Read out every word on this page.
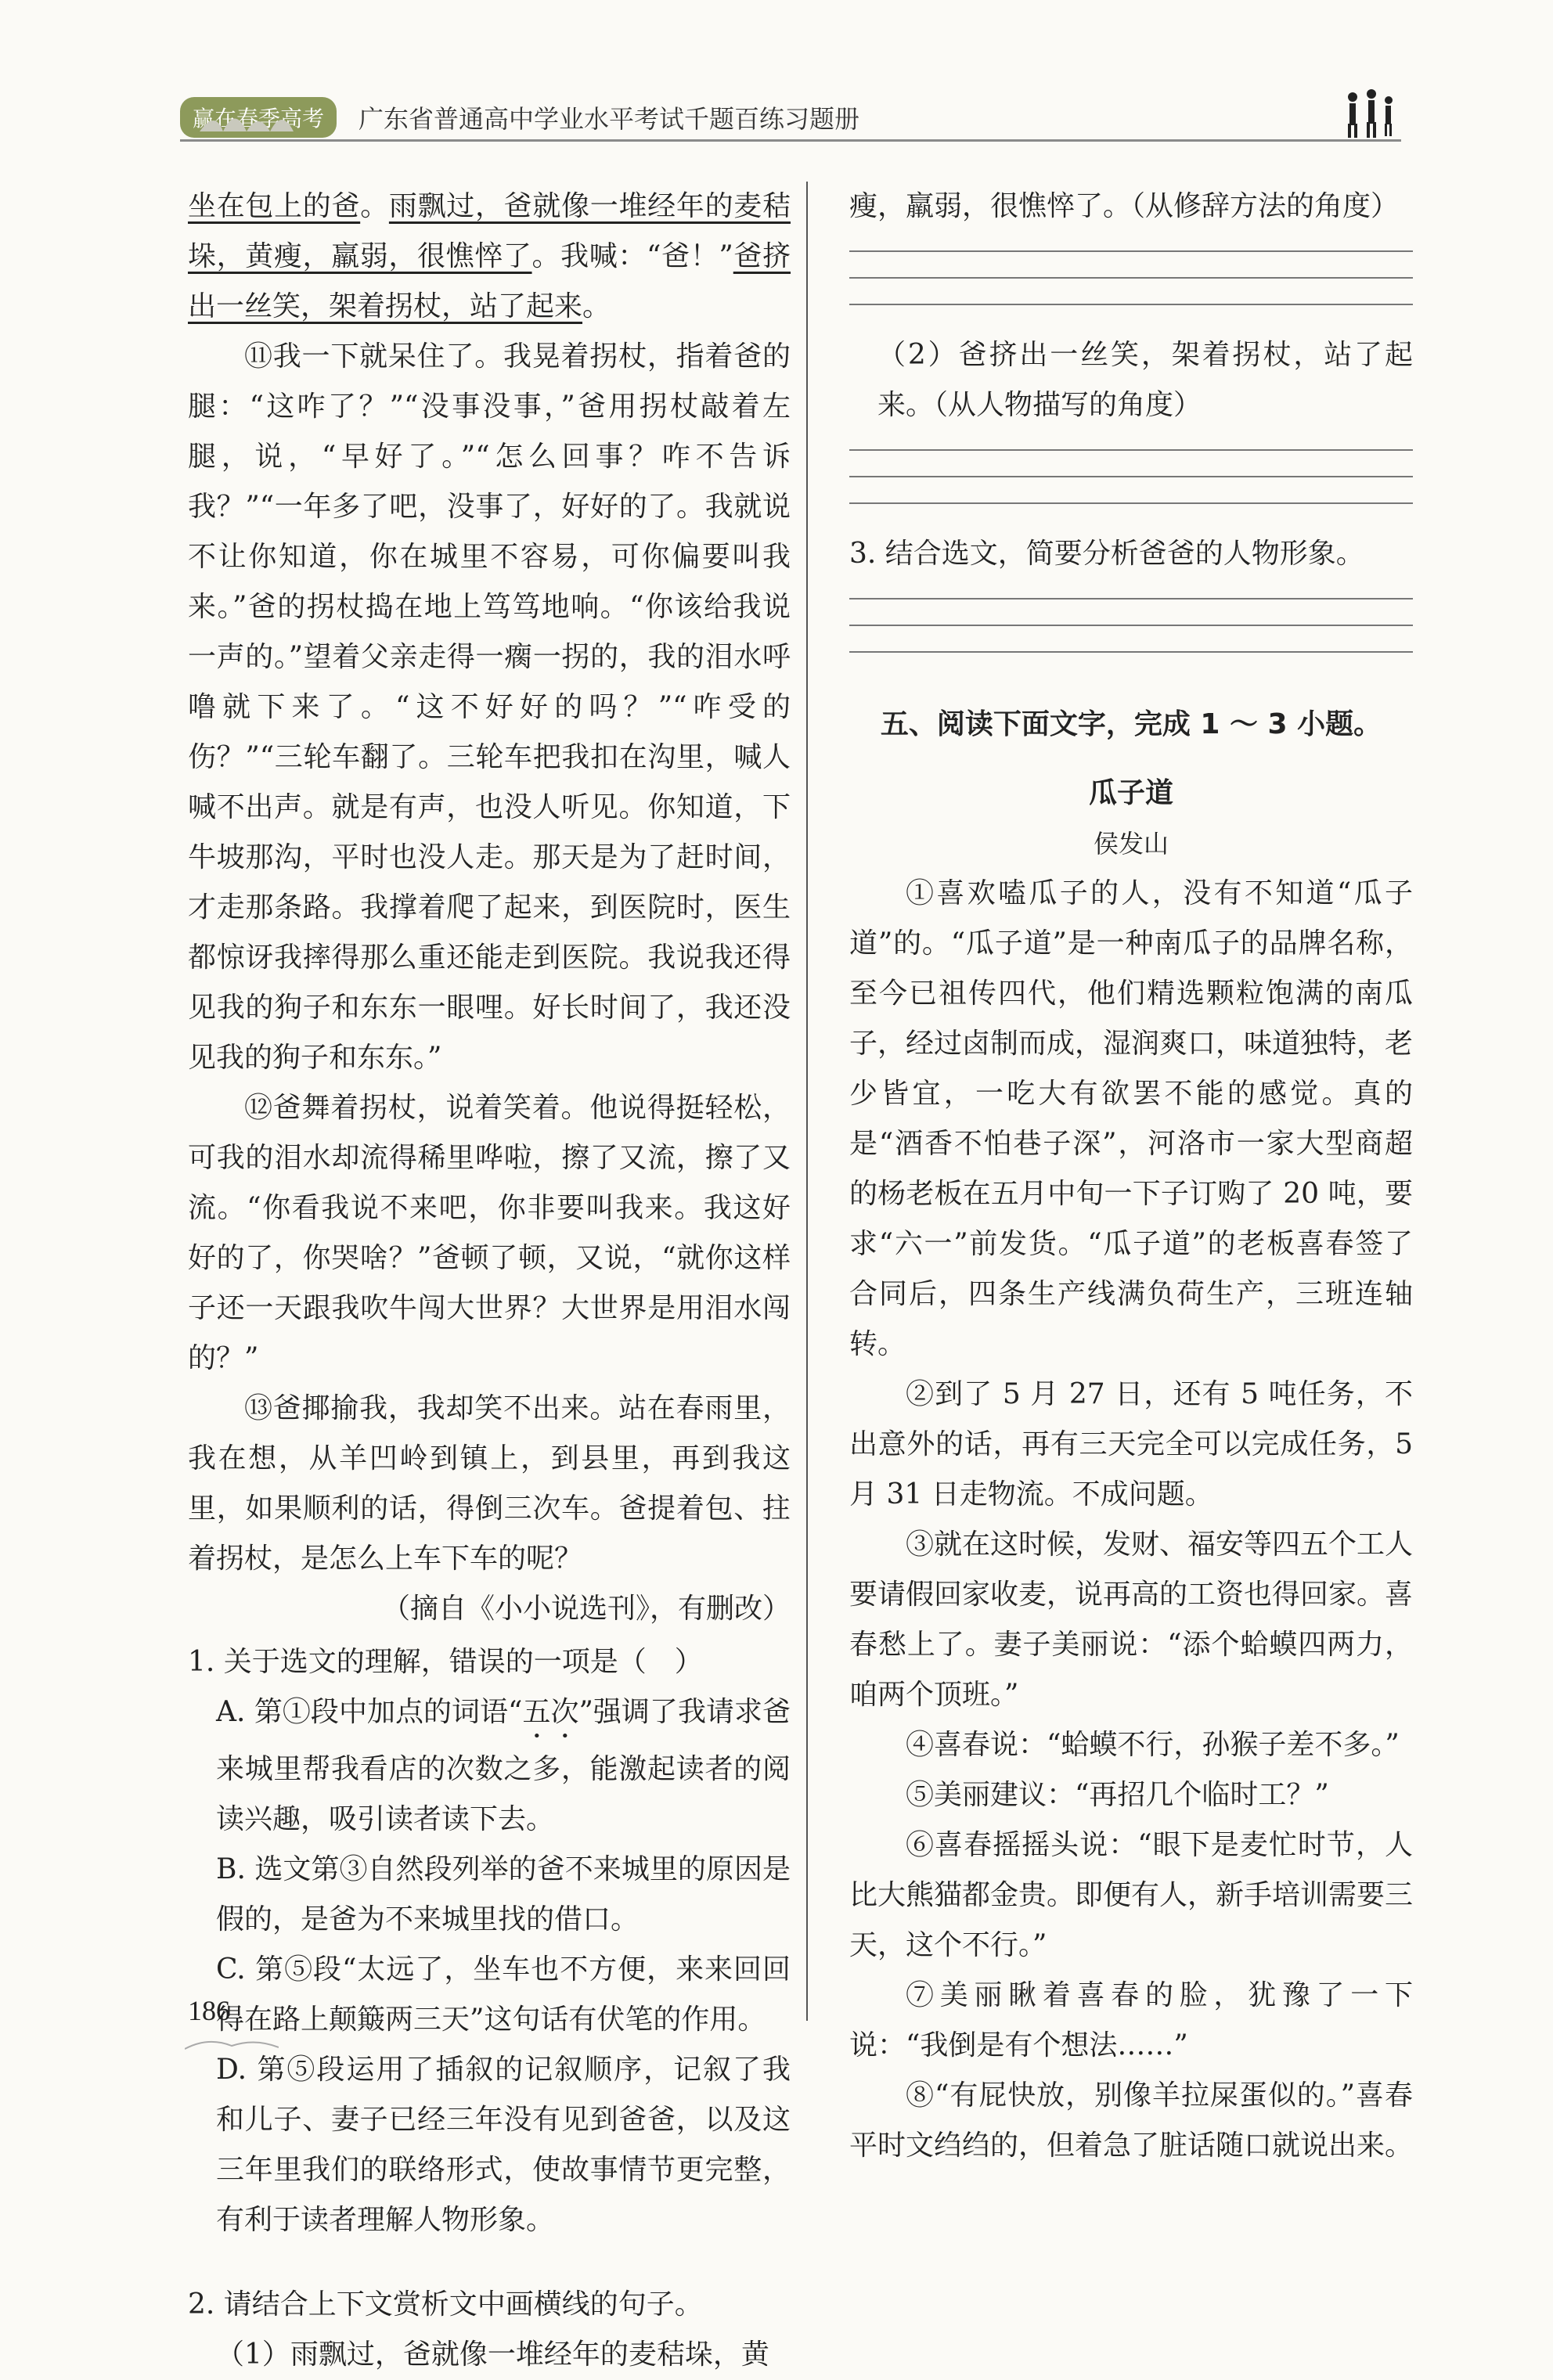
赢在春季高考	广东省普通高中学业水平考试千题百练习题册

坐在包上的爸。雨飘过，爸就像一堆经年的麦秸垛，黄瘦，羸弱，很憔悴了。我喊：“爸！”爸挤出一丝笑，架着拐杖，站了起来。

⑪我一下就呆住了。我晃着拐杖，指着爸的腿：“这咋了？”“没事没事，”爸用拐杖敲着左腿，说，“早好了。”“怎么回事？咋不告诉我？”“一年多了吧，没事了，好好的了。我就说不让你知道，你在城里不容易，可你偏要叫我来。”爸的拐杖捣在地上笃笃地响。“你该给我说一声的。”望着父亲走得一瘸一拐的，我的泪水呼噜就下来了。“这不好好的吗？”“咋受的伤？”“三轮车翻了。三轮车把我扣在沟里，喊人喊不出声。就是有声，也没人听见。你知道，下牛坡那沟，平时也没人走。那天是为了赶时间，才走那条路。我撑着爬了起来，到医院时，医生都惊讶我摔得那么重还能走到医院。我说我还得见我的狗子和东东一眼哩。好长时间了，我还没见我的狗子和东东。”

⑫爸舞着拐杖，说着笑着。他说得挺轻松，可我的泪水却流得稀里哗啦，擦了又流，擦了又流。“你看我说不来吧，你非要叫我来。我这好好的了，你哭啥？”爸顿了顿，又说，“就你这样子还一天跟我吹牛闯大世界？大世界是用泪水闯的？”

⑬爸揶揄我，我却笑不出来。站在春雨里，我在想，从羊凹岭到镇上，到县里，再到我这里，如果顺利的话，得倒三次车。爸提着包、拄着拐杖，是怎么上车下车的呢？

（摘自《小小说选刊》，有删改）

1. 关于选文的理解，错误的一项是（　）

A. 第①段中加点的词语“五次”强调了我请求爸来城里帮我看店的次数之多，能激起读者的阅读兴趣，吸引读者读下去。

B. 选文第③自然段列举的爸不来城里的原因是假的，是爸为不来城里找的借口。

C. 第⑤段“太远了，坐车也不方便，来来回回得在路上颠簸两三天”这句话有伏笔的作用。

D. 第⑤段运用了插叙的记叙顺序，记叙了我和儿子、妻子已经三年没有见到爸爸，以及这三年里我们的联络形式，使故事情节更完整，有利于读者理解人物形象。

2. 请结合上下文赏析文中画横线的句子。

（1）雨飘过，爸就像一堆经年的麦秸垛，黄

瘦，羸弱，很憔悴了。（从修辞方法的角度）

（2）爸挤出一丝笑，架着拐杖，站了起来。（从人物描写的角度）

3. 结合选文，简要分析爸爸的人物形象。

五、阅读下面文字，完成 1 ～ 3 小题。

瓜子道

侯发山

①喜欢嗑瓜子的人，没有不知道“瓜子道”的。“瓜子道”是一种南瓜子的品牌名称，至今已祖传四代，他们精选颗粒饱满的南瓜子，经过卤制而成，湿润爽口，味道独特，老少皆宜，一吃大有欲罢不能的感觉。真的是“酒香不怕巷子深”，河洛市一家大型商超的杨老板在五月中旬一下子订购了 20 吨，要求“六一”前发货。“瓜子道”的老板喜春签了合同后，四条生产线满负荷生产，三班连轴转。

②到了 5 月 27 日，还有 5 吨任务，不出意外的话，再有三天完全可以完成任务，5 月 31 日走物流。不成问题。

③就在这时候，发财、福安等四五个工人要请假回家收麦，说再高的工资也得回家。喜春愁上了。妻子美丽说：“添个蛤蟆四两力，咱两个顶班。”

④喜春说：“蛤蟆不行，孙猴子差不多。”

⑤美丽建议：“再招几个临时工？”

⑥喜春摇摇头说：“眼下是麦忙时节，人比大熊猫都金贵。即便有人，新手培训需要三天，这个不行。”

⑦美丽瞅着喜春的脸，犹豫了一下说：“我倒是有个想法……”

⑧“有屁快放，别像羊拉屎蛋似的。”喜春平时文绉绉的，但着急了脏话随口就说出来。

186
